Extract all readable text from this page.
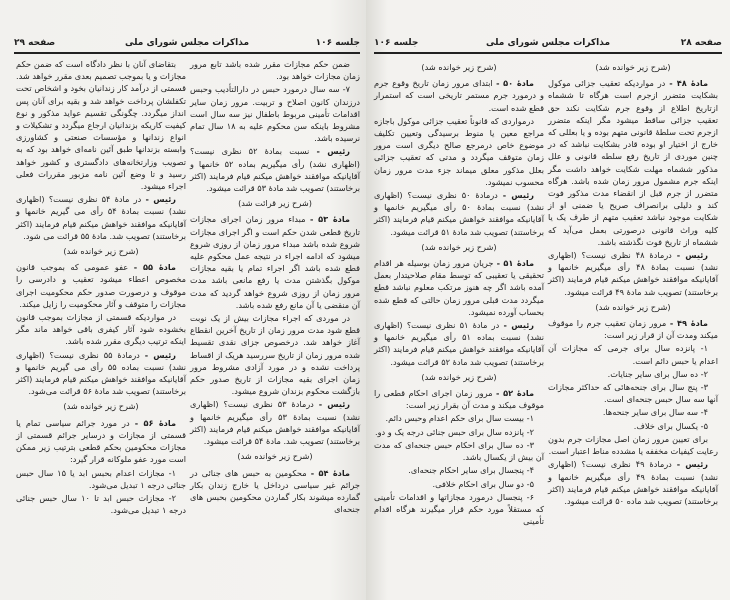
جلسه ۱۰۶
مذاکرات مجلس شورای ملی
صفحه ۲۹

ضمن حکم مجازات مقرر شده باشد تابع مرور زمان مجازات خواهد بود.

۷- سه سال درمورد حبس در دارالتأدیب وحبس درزندان کانون اصلاح و تربیت. مرور زمان سایر اقدامات تأمینی مربوط باطفال نیز سه سال است مشروط باینکه سن محکوم علیه به ۱۸ سال تمام نرسیده باشد.

رئیس - نسبت بمادهٔ ۵۲ نظری نیست؟ (اظهاری نشد) رأی میگیریم بماده ۵۲ خانمها و آقایانیکه موافقند خواهش میکنم قیام فرمایند (اکثر برخاستند) تصویب شد مادهٔ ۵۳ قرائت میشود.

(شرح زیر قرائت شد)

مادهٔ ۵۳ - مبداء مرور زمان اجرای مجازات تاریخ قطعی شدن حکم است و اگر اجرای مجازات شروع شده باشد مبداء مرور زمان از روزی شروع میشود که ادامه اجراء در نتیجه عمل محکوم علیه قطع شده باشد اگر اجراء تمام یا بقیه مجازات موکول بگذشتن مدت یا رفع مانعی باشد مدت مرور زمان از روزی شروع خواهد گردید که مدت آن منقضی یا آن مانع رفع شده باشد.

در موردی که اجراء مجازات بیش از یک نوبت قطع شود مدت مرور زمان از تاریخ آخرین انقطاع آغاز خواهد شد. درخصوص جزای نقدی تقسیط شده مرور زمان از تاریخ سررسید هریک از اقساط پرداخت نشده و در مورد آزادی مشروط مرور زمان اجرای بقیه مجازات از تاریخ صدور حکم بازگشت محکوم بزندان شروع میشود.

رئیس - درمادهٔ ۵۳ نظری نیست؟ (اظهاری نشد) نسبت بمادهٔ ۵۳ رأی میگیریم خانمها و آقایانیکه موافقند خواهش میکنم قیام فرمایند (اکثر برخاستند) تصویب شد. مادهٔ ۵۴ قرائت میشود.

(شرح زیر خوانده شد)

مادهٔ ۵۴ - محکومین به حبس های جنائی در جرائم غیر سیاسی درداخل یا خارج زندان بکار گمارده میشوند بکار گماردن محکومین بحبس های جنحه‌ای

بتقاضای آنان با نظر دادگاه است که ضمن حکم مجازات و یا بموجب تصمیم بعدی مقرر خواهد شد. قسمتی از درآمد کار زندانیان بخود و اشخاص تحت تکفلشان پرداخت خواهد شد و بقیه برای آنان پس انداز میگردد. چگونگی تقسیم عواید مذکور و نوع کیفیت کاریکه بزندانیان ارجاع میگردد و تشکیلات و انواع زندانها و مؤسسات صنعتی و کشاورزی وابسته بزندانها طبق آئین نامه‌ای خواهد بود که به تصویب وزارتخانه‌های دادگستری و کشور خواهد رسید و تا وضع آئین نامه مزبور مقررات فعلی اجراء میشود.

رئیس - در مادهٔ ۵۴ نظری نیست؟ (اظهاری نشد) نسبت بمادهٔ ۵۴ رأی می گیریم خانمها و آقایانیکه موافقند خواهش میکنم قیام فرمایند (اکثر برخاستند) تصویب شد. مادهٔ ۵۵ قرائت می شود.

(شرح زیر خوانده شد)

مادهٔ ۵۵ - عفو عمومی که بموجب قانون مخصوص اعطاء میشود تعقیب و دادرسی را موقوف و درصورت صدور حکم محکومیت اجرای مجازات را متوقف و آثار محکومیت را زایل میکند.

در مواردیکه قسمتی از مجازات بموجب قانون بخشوده شود آثار کیفری باقی خواهد ماند مگر اینکه ترتیب دیگری مقرر شده باشد.

رئیس - درمادهٔ ۵۵ نظری نیست؟ (اظهاری نشد) نسبت بماده ۵۵ رأی می گیریم خانمها و آقایانیکه موافقند خواهش میکنم قیام فرمایند (اکثر برخاستند) تصویب شد مادهٔ ۵۶ قرائت می‌شود.

(شرح زیر خوانده شد)

مادهٔ ۵۶ - در مورد جرائم سیاسی تمام یا قسمتی از مجازات و درسایر جرائم قسمتی از مجازات محکومین بحکم قطعی بترتیب زیر ممکن است مورد عفو ملوکانه قرار گیرد:

۱- مجازات اعدام بحبس ابد یا ۱۵ سال حبس جنائی درجه ۱ تبدیل می‌شود.

۲- مجازات حبس ابد تا ۱۰ سال حبس جنائی درجه ۱ تبدیل می‌شود.

صفحه ۲۸
مذاکرات مجلس شورای ملی
جلسه ۱۰۶

(شرح زیر خوانده شد)

مادهٔ ۴۸ - در مواردیکه تعقیب جزائی موکول بشکایت متضرر ازجرم است هرگاه تا ششماه ازتاریخ اطلاع از وقوع جرم شکایت نکند حق تعقیب جزائی ساقط میشود مگر اینکه متضرر ازجرم تحت سلطهٔ قانونی متهم بوده و یا بعللی که خارج از اختیار او بوده قادر بشکایت نباشد که در چنین موردی از تاریخ رفع سلطه قانونی و علل مذکور ششماه مهلت شکایت خواهد داشت مگر اینکه جرم مشمول مرور زمان شده باشد. هرگاه متضرر از جرم قبل از انقضاء مدت مذکور فوت کند و دلیلی برانصراف صریح یا ضمنی او از شکایت موجود نباشد تعقیب متهم از طرف یک یا کلیه وراث قانونی درصورتی بعمل می‌آید که ششماه از تاریخ فوت نگذشته باشد.

رئیس - درمادهٔ ۴۸ نظری نیست؟ (اظهاری نشد) نسبت بمادهٔ ۴۸ رأی میگیریم خانمها و آقایانیکه موافقند خواهش میکنم قیام فرمایند (اکثر برخاستند) تصویب شد مادهٔ ۴۹ قرائت میشود.

(شرح زیر خوانده شد)

مادهٔ ۴۹ - مرور زمان تعقیب جرم را موقوف میکند ومدت آن از قرار زیر است:

۱- پانزده سال برای جرمی که مجازات آن اعدام یا حبس دائم است.

۲- ده سال برای سایر جنایات.

۳- پنج سال برای جنحه‌هائی که حداکثر مجازات آنها سه سال حبس جنحه‌ای است.

۴- سه سال برای سایر جنحه‌ها.

۵- یکسال برای خلاف.

برای تعیین مرور زمان اصل مجازات جرم بدون رعایت کیفیات مخففه یا مشدده مناط اعتبار است.

رئیس - درمادهٔ ۴۹ نظری نیست؟ (اظهاری نشد) نسبت بمادهٔ ۴۹ رأی میگیریم خانمها و آقایانیکه موافقند خواهش میکنم قیام فرمایند (اکثر برخاستند) تصویب شد ماده ۵۰ قرائت میشود.

(شرح زیر خوانده شد)

مادهٔ ۵۰ - ابتدای مرور زمان تاریخ وقوع جرم و درمورد جرم مستمر تاریخی است که استمرار قطع شده است.

درمواردی که قانوناً تعقیب جزائی موکول باجازه مراجع معین یا منوط برسیدگی وتعیین تکلیف موضوع خاص درمرجع صالح دیگری است مرور زمان متوقف میگردد و مدتی که تعقیب جزائی بعلل مذکور معلق میماند جزء مدت مرور زمان محسوب نمیشود.

رئیس - درمادهٔ ۵۰ نظری نیست؟ (اظهاری نشد) نسبت بمادهٔ ۵۰ رأی میگیریم خانمها و آقایانیکه موافقند خواهش میکنم قیام فرمایند (اکثر برخاستند) تصویب شد مادهٔ ۵۱ قرائت میشود.

(شرح زیر خوانده شد)

مادهٔ ۵۱ - جریان مرور زمان بوسیله هر اقدام تحقیقی یا تعقیبی که توسط مقام صلاحیتدار بعمل آمده باشد اگر چه هنوز مرتکب معلوم نباشد قطع میگردد مدت قبلی مرور زمان حالتی که قطع شده بحساب آورده نمیشود.

رئیس - در مادهٔ ۵۱ نظری نیست؟ (اظهاری نشد) نسبت بماده ۵۱ رأی میگیریم خانمها و آقایانیکه موافقند خواهش میکنم قیام فرمایند (اکثر برخاستند) تصویب شد مادهٔ ۵۲ قرائت میشود.

(شرح زیر خوانده شد)

مادهٔ ۵۲ - مرور زمان اجرای احکام قطعی را موقوف میکند و مدت آن بقرار زیر است:

۱- بیست سال برای حکم اعدام وحبس دائم.

۲- پانزده سال برای حبس جنائی درجه یک و دو.

۳- ده سال برای احکام حبس جنحه‌ای که مدت آن بیش از یکسال باشد.

۴- پنجسال برای سایر احکام جنحه‌ای.

۵- دو سال برای احکام خلافی.

۶- پنجسال درمورد مجازاتها و اقدامات تأمینی که مستقلاً مورد حکم قرار میگیرند هرگاه اقدام تأمینی
